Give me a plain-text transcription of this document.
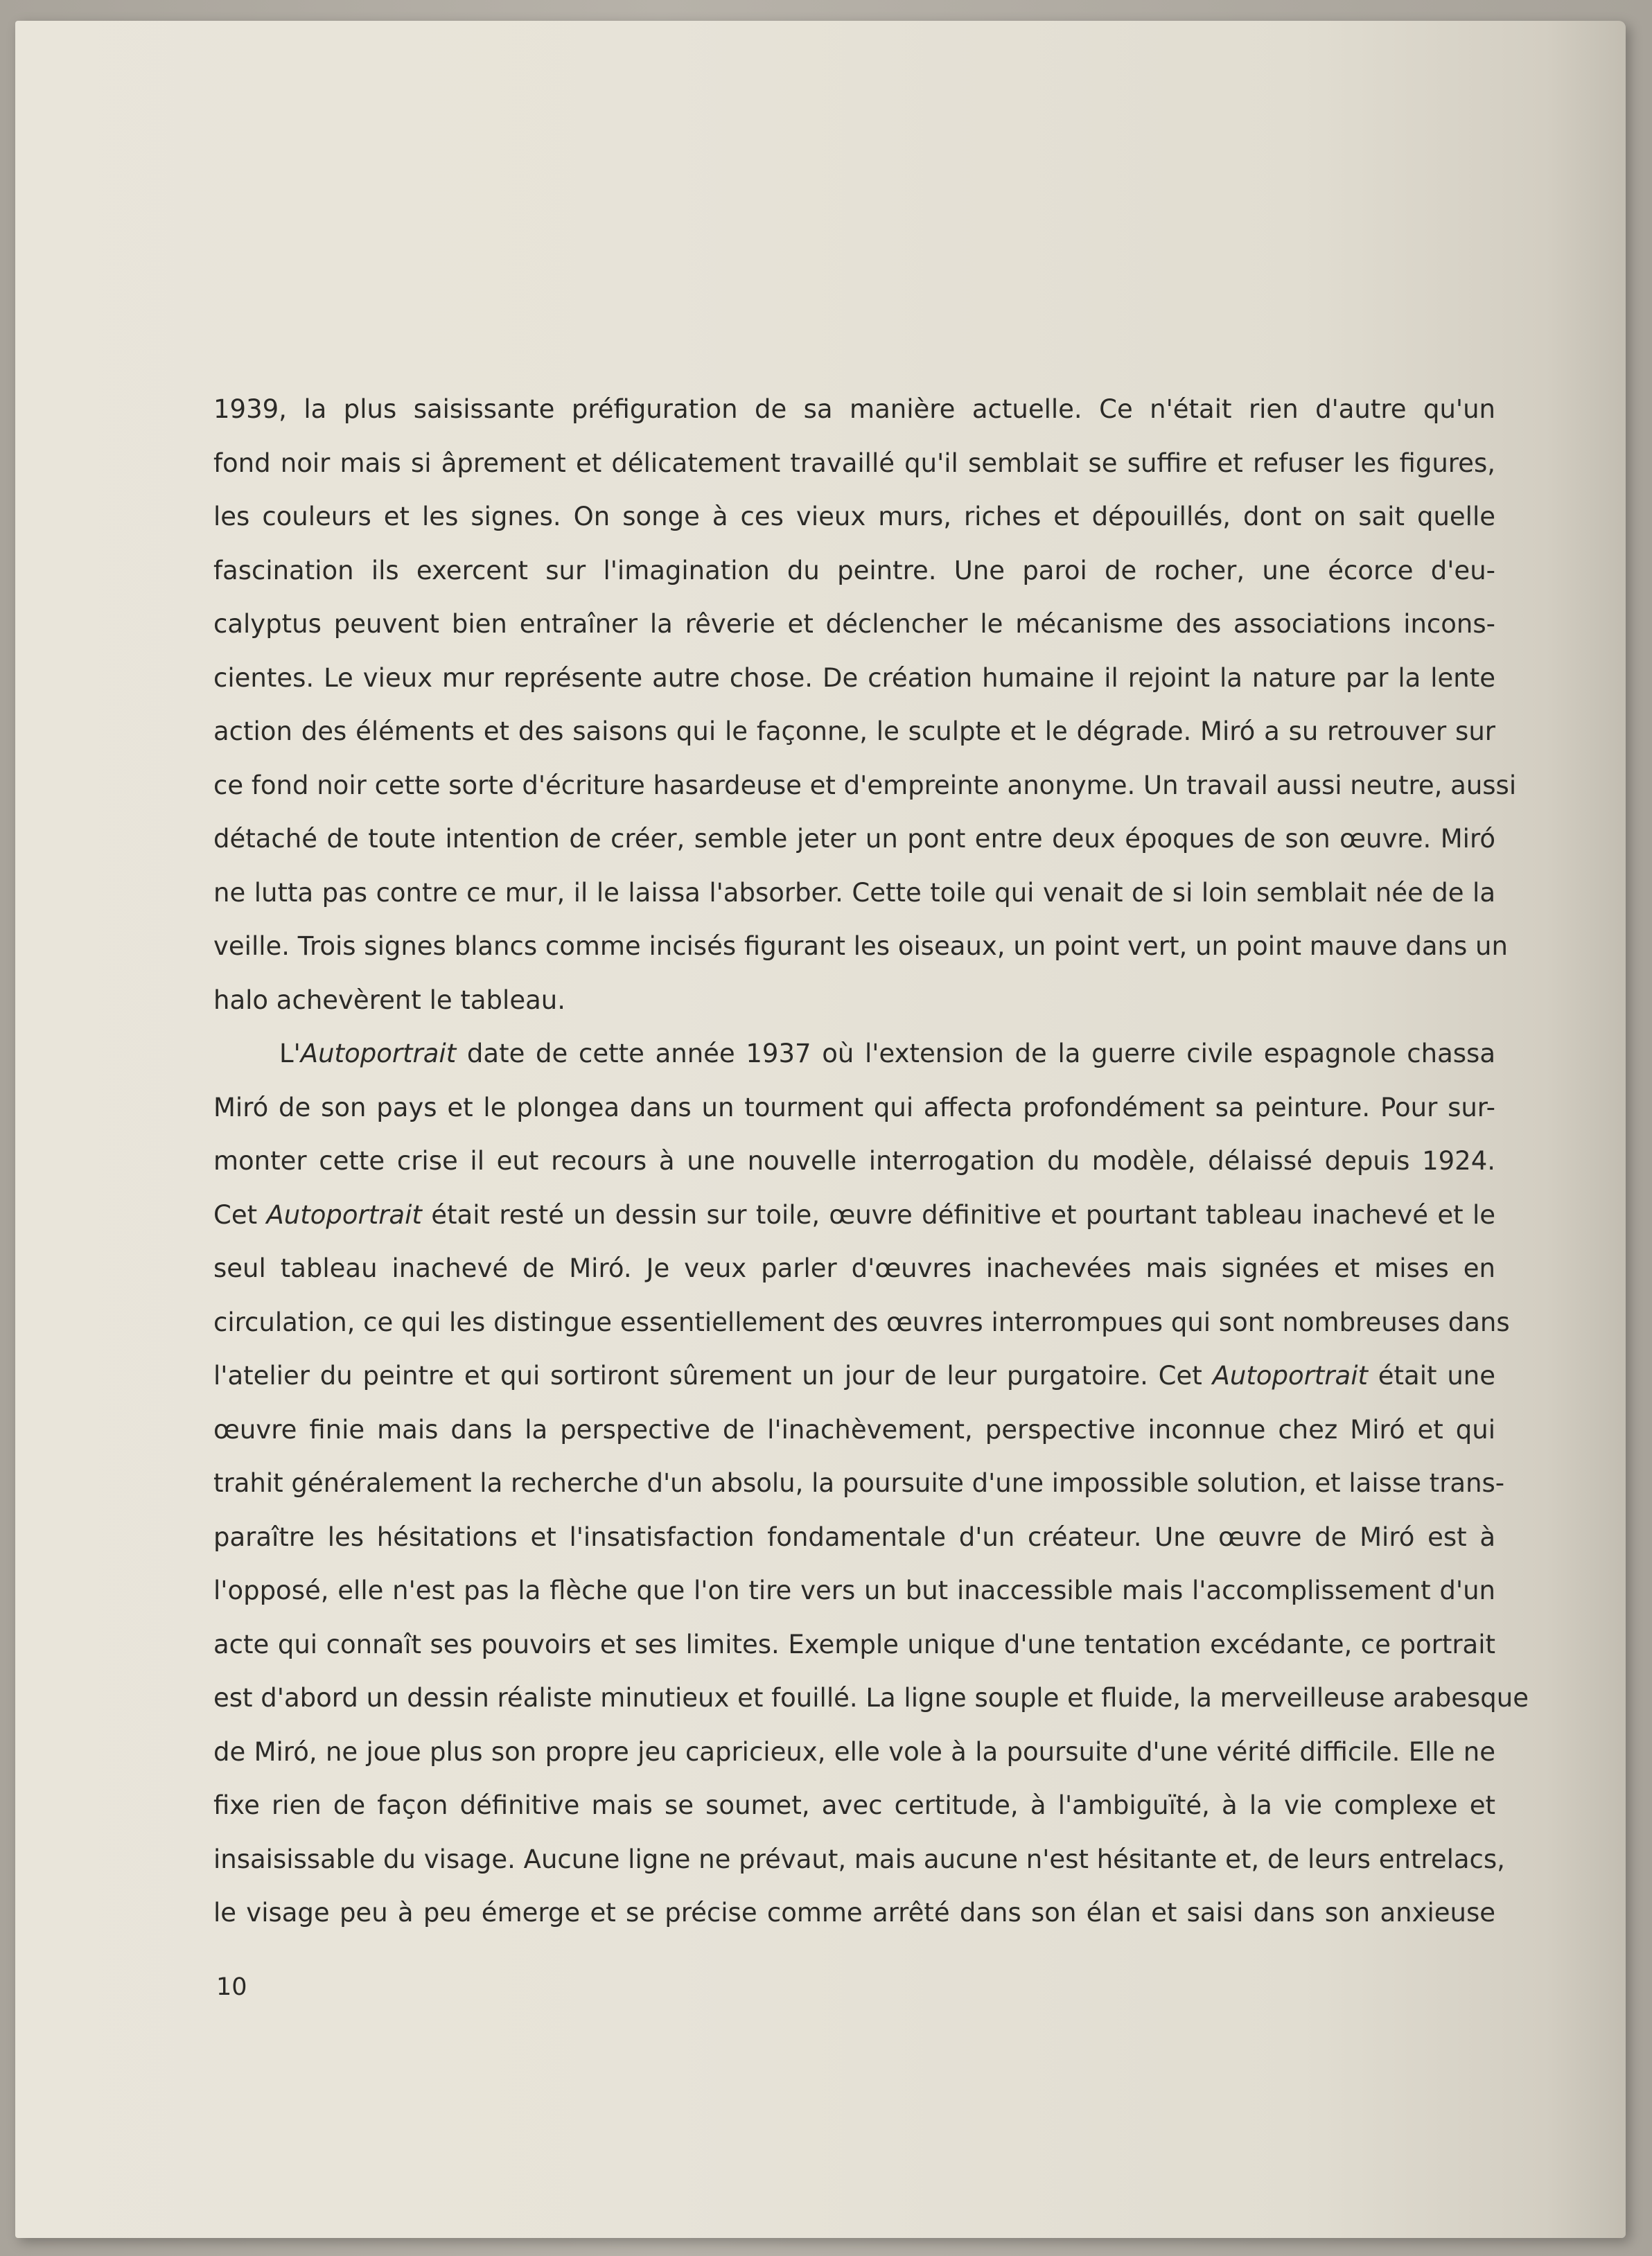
1939, la plus saisissante préfiguration de sa manière actuelle. Ce n'était rien d'autre qu'un
fond noir mais si âprement et délicatement travaillé qu'il semblait se suffire et refuser les figures,
les couleurs et les signes. On songe à ces vieux murs, riches et dépouillés, dont on sait quelle
fascination ils exercent sur l'imagination du peintre. Une paroi de rocher, une écorce d'eu-
calyptus peuvent bien entraîner la rêverie et déclencher le mécanisme des associations incons-
cientes. Le vieux mur représente autre chose. De création humaine il rejoint la nature par la lente
action des éléments et des saisons qui le façonne, le sculpte et le dégrade. Miró a su retrouver sur
ce fond noir cette sorte d'écriture hasardeuse et d'empreinte anonyme. Un travail aussi neutre, aussi
détaché de toute intention de créer, semble jeter un pont entre deux époques de son œuvre. Miró
ne lutta pas contre ce mur, il le laissa l'absorber. Cette toile qui venait de si loin semblait née de la
veille. Trois signes blancs comme incisés figurant les oiseaux, un point vert, un point mauve dans un
halo achevèrent le tableau.
L'Autoportrait date de cette année 1937 où l'extension de la guerre civile espagnole chassa
Miró de son pays et le plongea dans un tourment qui affecta profondément sa peinture. Pour sur-
monter cette crise il eut recours à une nouvelle interrogation du modèle, délaissé depuis 1924.
Cet Autoportrait était resté un dessin sur toile, œuvre définitive et pourtant tableau inachevé et le
seul tableau inachevé de Miró. Je veux parler d'œuvres inachevées mais signées et mises en
circulation, ce qui les distingue essentiellement des œuvres interrompues qui sont nombreuses dans
l'atelier du peintre et qui sortiront sûrement un jour de leur purgatoire. Cet Autoportrait était une
œuvre finie mais dans la perspective de l'inachèvement, perspective inconnue chez Miró et qui
trahit généralement la recherche d'un absolu, la poursuite d'une impossible solution, et laisse trans-
paraître les hésitations et l'insatisfaction fondamentale d'un créateur. Une œuvre de Miró est à
l'opposé, elle n'est pas la flèche que l'on tire vers un but inaccessible mais l'accomplissement d'un
acte qui connaît ses pouvoirs et ses limites. Exemple unique d'une tentation excédante, ce portrait
est d'abord un dessin réaliste minutieux et fouillé. La ligne souple et fluide, la merveilleuse arabesque
de Miró, ne joue plus son propre jeu capricieux, elle vole à la poursuite d'une vérité difficile. Elle ne
fixe rien de façon définitive mais se soumet, avec certitude, à l'ambiguïté, à la vie complexe et
insaisissable du visage. Aucune ligne ne prévaut, mais aucune n'est hésitante et, de leurs entrelacs,
le visage peu à peu émerge et se précise comme arrêté dans son élan et saisi dans son anxieuse
10
